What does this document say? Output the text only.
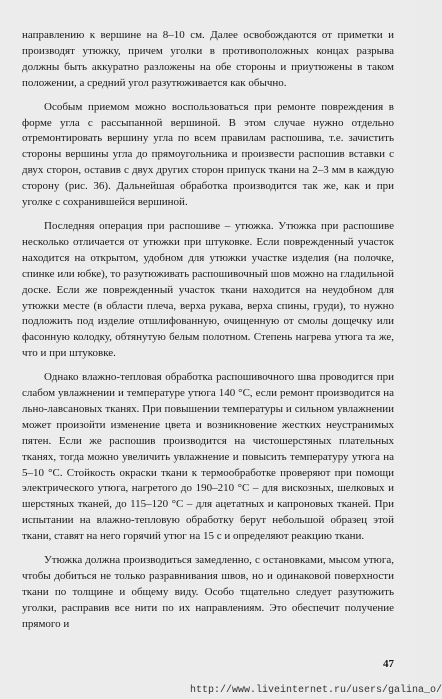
направлению к вершине на 8–10 см. Далее освобождаются от приметки и производят утюжку, причем уголки в противоположных концах разрыва должны быть аккуратно разложены на обе стороны и приутюжены в таком положении, а средний угол разутюживается как обычно.

Особым приемом можно воспользоваться при ремонте повреждения в форме угла с рассыпанной вершиной. В этом случае нужно отдельно отремонтировать вершину угла по всем правилам распошива, т.е. зачистить стороны вершины угла до прямоугольника и произвести распошив вставки с двух сторон, оставив с двух других сторон припуск ткани на 2–3 мм в каждую сторону (рис. 36). Дальнейшая обработка производится так же, как и при уголке с сохранившейся вершиной.

Последняя операция при распошиве – утюжка. Утюжка при распошиве несколько отличается от утюжки при штуковке. Если поврежденный участок находится на открытом, удобном для утюжки участке изделия (на полочке, спинке или юбке), то разутюживать распошивочный шов можно на гладильной доске. Если же поврежденный участок ткани находится на неудобном для утюжки месте (в области плеча, верха рукава, верха спины, груди), то нужно подложить под изделие отшлифованную, очищенную от смолы дощечку или фасонную колодку, обтянутую белым полотном. Степень нагрева утюга та же, что и при штуковке.

Однако влажно-тепловая обработка распошивочного шва проводится при слабом увлажнении и температуре утюга 140 °С, если ремонт производится на льно-лавсановых тканях. При повышении температуры и сильном увлажнении может произойти изменение цвета и возникновение жестких неустранимых пятен. Если же распошив производится на чистошерстяных плательных тканях, тогда можно увеличить увлажнение и повысить температуру утюга на 5–10 °С. Стойкость окраски ткани к термообработке проверяют при помощи электрического утюга, нагретого до 190–210 °С – для вискозных, шелковых и шерстяных тканей, до 115–120 °С – для ацетатных и капроновых тканей. При испытании на влажно-тепловую обработку берут небольшой образец этой ткани, ставят на него горячий утюг на 15 с и определяют реакцию ткани.

Утюжка должна производиться замедленно, с остановками, мысом утюга, чтобы добиться не только разравнивания швов, но и одинаковой поверхности ткани по толщине и общему виду. Особо тщательно следует разутюжить уголки, расправив все нити по их направлениям. Это обеспечит получение прямого и

47
http://www.liveinternet.ru/users/galina_o/
